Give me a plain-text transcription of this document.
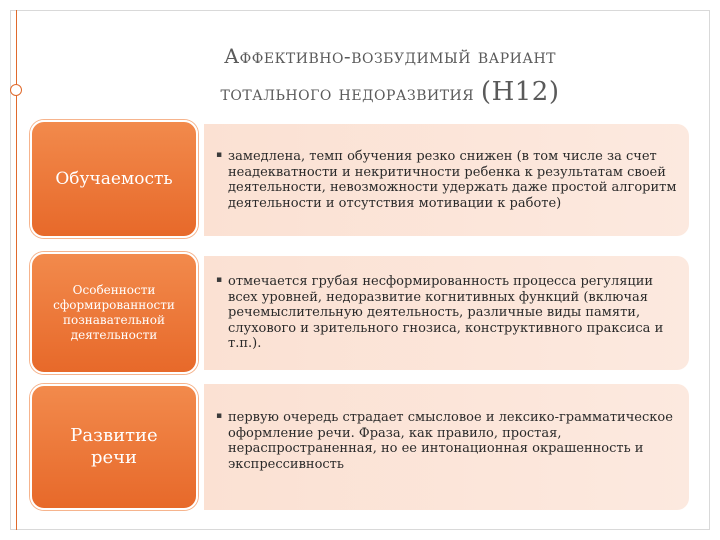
Аффективно-возбудимый вариант
тотального недоразвития (Н12)
Обучаемость
▪ замедлена, темп обучения резко снижен (в том числе за счет неадекватности и некритичности ребенка к результатам своей деятельности, невозможности удержать даже простой алгоритм деятельности и отсутствия мотивации к работе)
Особенности сформированности познавательной деятельности
▪ отмечается грубая несформированность процесса регуляции всех уровней, недоразвитие когнитивных функций (включая речемыслительную деятельность, различные виды памяти, слухового и зрительного гнозиса, конструктивного праксиса и т.п.).
Развитие речи
▪ первую очередь страдает смысловое и лексико-грамматическое оформление речи. Фраза, как правило, простая, нераспространенная, но ее интонационная окрашенность и экспрессивность
